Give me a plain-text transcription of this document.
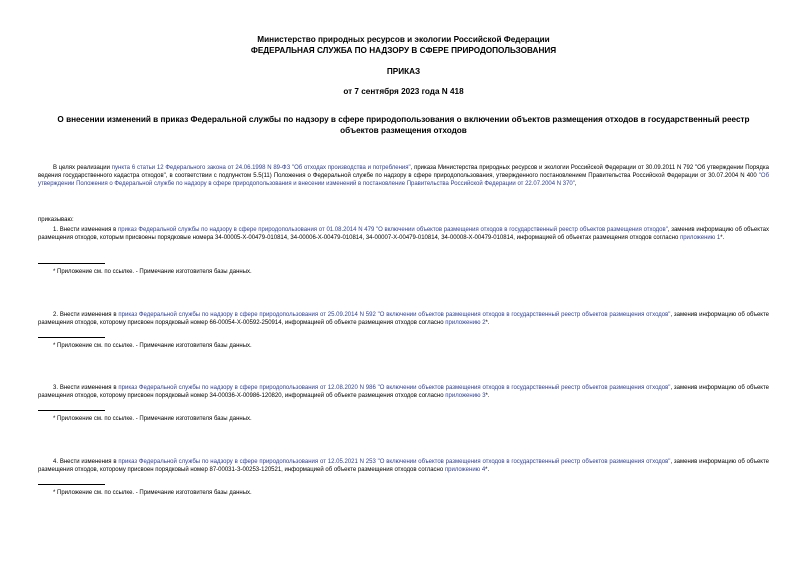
Министерство природных ресурсов и экологии Российской Федерации

ФЕДЕРАЛЬНАЯ СЛУЖБА ПО НАДЗОРУ В СФЕРЕ ПРИРОДОПОЛЬЗОВАНИЯ

ПРИКАЗ

от 7 сентября 2023 года N 418

О внесении изменений в приказ Федеральной службы по надзору в сфере природопользования о включении объектов размещения отходов в государственный реестр объектов размещения отходов

В целях реализации пункта 6 статьи 12 Федерального закона от 24.06.1998 N 89-ФЗ "Об отходах производства и потребления", приказа Министерства природных ресурсов и экологии Российской Федерации от 30.09.2011 N 792 "Об утверждении Порядка ведения государственного кадастра отходов", в соответствии с подпунктом 5.5(11) Положения о Федеральной службе по надзору в сфере природопользования, утвержденного постановлением Правительства Российской Федерации от 30.07.2004 N 400 "Об утверждении Положения о Федеральной службе по надзору в сфере природопользования и внесении изменений в постановление Правительства Российской Федерации от 22.07.2004 N 370",

приказываю:

1. Внести изменения в приказ Федеральной службы по надзору в сфере природопользования от 01.08.2014 N 479 "О включении объектов размещения отходов в государственный реестр объектов размещения отходов", заменив информацию об объектах размещения отходов, которым присвоены порядковые номера 34-00005-Х-00479-010814, 34-00006-Х-00479-010814, 34-00007-Х-00479-010814, 34-00008-Х-00479-010814, информацией об объектах размещения отходов согласно приложению 1*.

* Приложение см. по ссылке. - Примечание изготовителя базы данных.

2. Внести изменения в приказ Федеральной службы по надзору в сфере природопользования от 25.09.2014 N 592 "О включении объектов размещения отходов в государственный реестр объектов размещения отходов", заменив информацию об объекте размещения отходов, которому присвоен порядковый номер 66-00054-Х-00592-250914, информацией об объекте размещения отходов согласно приложению 2*.

* Приложение см. по ссылке. - Примечание изготовителя базы данных.

3. Внести изменения в приказ Федеральной службы по надзору в сфере природопользования от 12.08.2020 N 986 "О включении объектов размещения отходов в государственный реестр объектов размещения отходов", заменив информацию об объекте размещения отходов, которому присвоен порядковый номер 34-00036-Х-00986-120820, информацией об объекте размещения отходов согласно приложению 3*.

* Приложение см. по ссылке. - Примечание изготовителя базы данных.

4. Внести изменения в приказ Федеральной службы по надзору в сфере природопользования от 12.05.2021 N 253 "О включении объектов размещения отходов в государственный реестр объектов размещения отходов", заменив информацию об объекте размещения отходов, которому присвоен порядковый номер 87-00031-З-00253-120521, информацией об объекте размещения отходов согласно приложению 4*.

* Приложение см. по ссылке. - Примечание изготовителя базы данных.
